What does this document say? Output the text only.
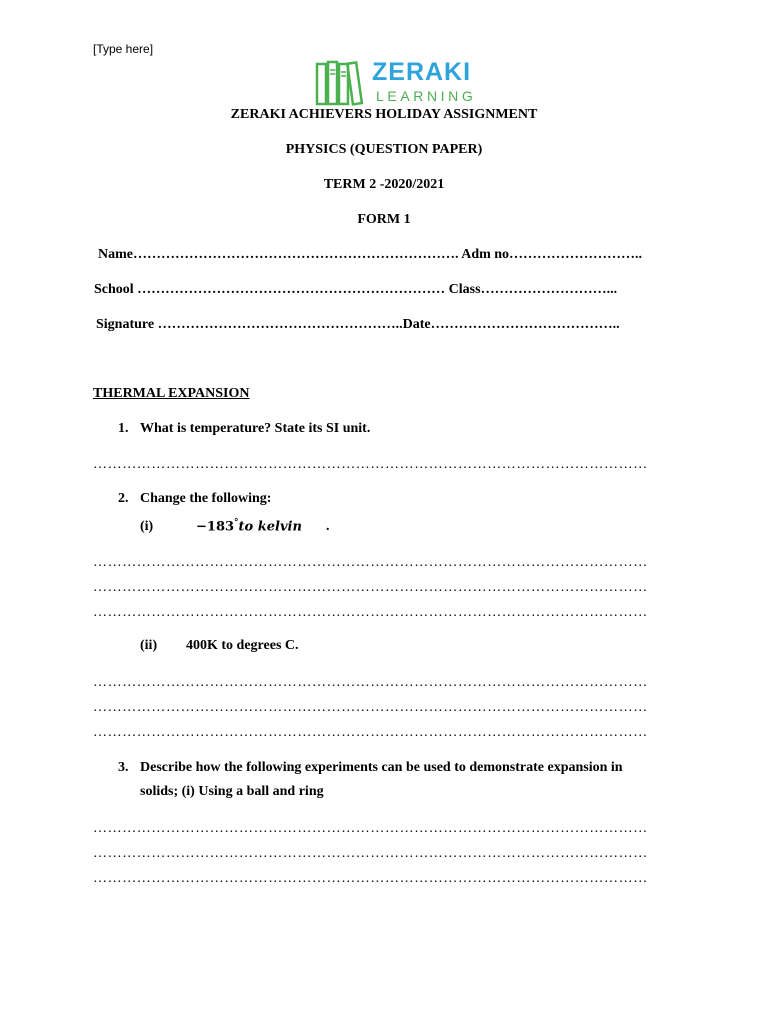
[Type here]
ZERAKI
LEARNING
ZERAKI ACHIEVERS HOLIDAY ASSIGNMENT
PHYSICS (QUESTION PAPER)
TERM 2 -2020/2021
FORM 1
Name……………………………………………………………. Adm no………………………..
School ………………………………………………………… Class………………………...
Signature ……………………………………………..Date…………………………………..
THERMAL EXPANSION
1. What is temperature? State its SI unit.
……………………………………………………………………………………………………
2. Change the following:
(i)	−183°to kelvin .
……………………………………………………………………………………………………
……………………………………………………………………………………………………
……………………………………………………………………………………………………
(ii) 400K to degrees C.
……………………………………………………………………………………………………
……………………………………………………………………………………………………
……………………………………………………………………………………………………
3. Describe how the following experiments can be used to demonstrate expansion in
solids; (i) Using a ball and ring
……………………………………………………………………………………………………
……………………………………………………………………………………………………
……………………………………………………………………………………………………
